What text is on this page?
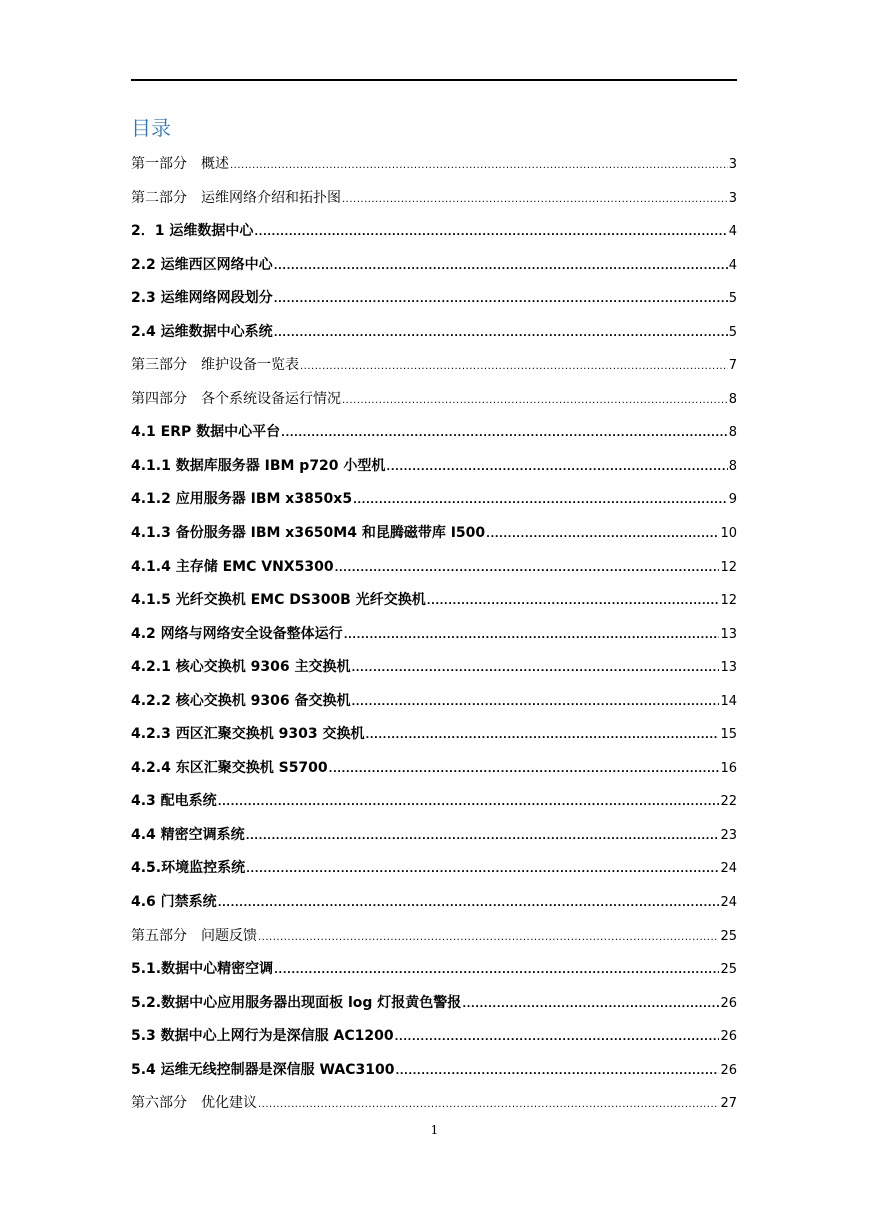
目录
第一部分　概述 .....	3
第二部分　运维网络介绍和拓扑图 .....	3
2．1 运维数据中心 .....	4
2.2 运维西区网络中心 .....	4
2.3 运维网络网段划分 .....	5
2.4 运维数据中心系统 .....	5
第三部分　维护设备一览表 .....	7
第四部分　各个系统设备运行情况 .....	8
4.1 ERP 数据中心平台 .....	8
4.1.1 数据库服务器 IBM p720 小型机 .....	8
4.1.2 应用服务器 IBM x3850x5 .....	9
4.1.3 备份服务器 IBM x3650M4 和昆腾磁带库 I500 .....	10
4.1.4 主存储 EMC VNX5300 .....	12
4.1.5 光纤交换机 EMC DS300B 光纤交换机 .....	12
4.2 网络与网络安全设备整体运行 .....	13
4.2.1 核心交换机 9306 主交换机 .....	13
4.2.2 核心交换机 9306 备交换机 .....	14
4.2.3 西区汇聚交换机 9303 交换机 .....	15
4.2.4 东区汇聚交换机 S5700 .....	16
4.3 配电系统 .....	22
4.4 精密空调系统 .....	23
4.5.环境监控系统 .....	24
4.6 门禁系统 .....	24
第五部分　问题反馈 .....	25
5.1.数据中心精密空调 .....	25
5.2.数据中心应用服务器出现面板 log 灯报黄色警报 .....	26
5.3 数据中心上网行为是深信服 AC1200 .....	26
5.4 运维无线控制器是深信服 WAC3100 .....	26
第六部分　优化建议 .....	27
1
